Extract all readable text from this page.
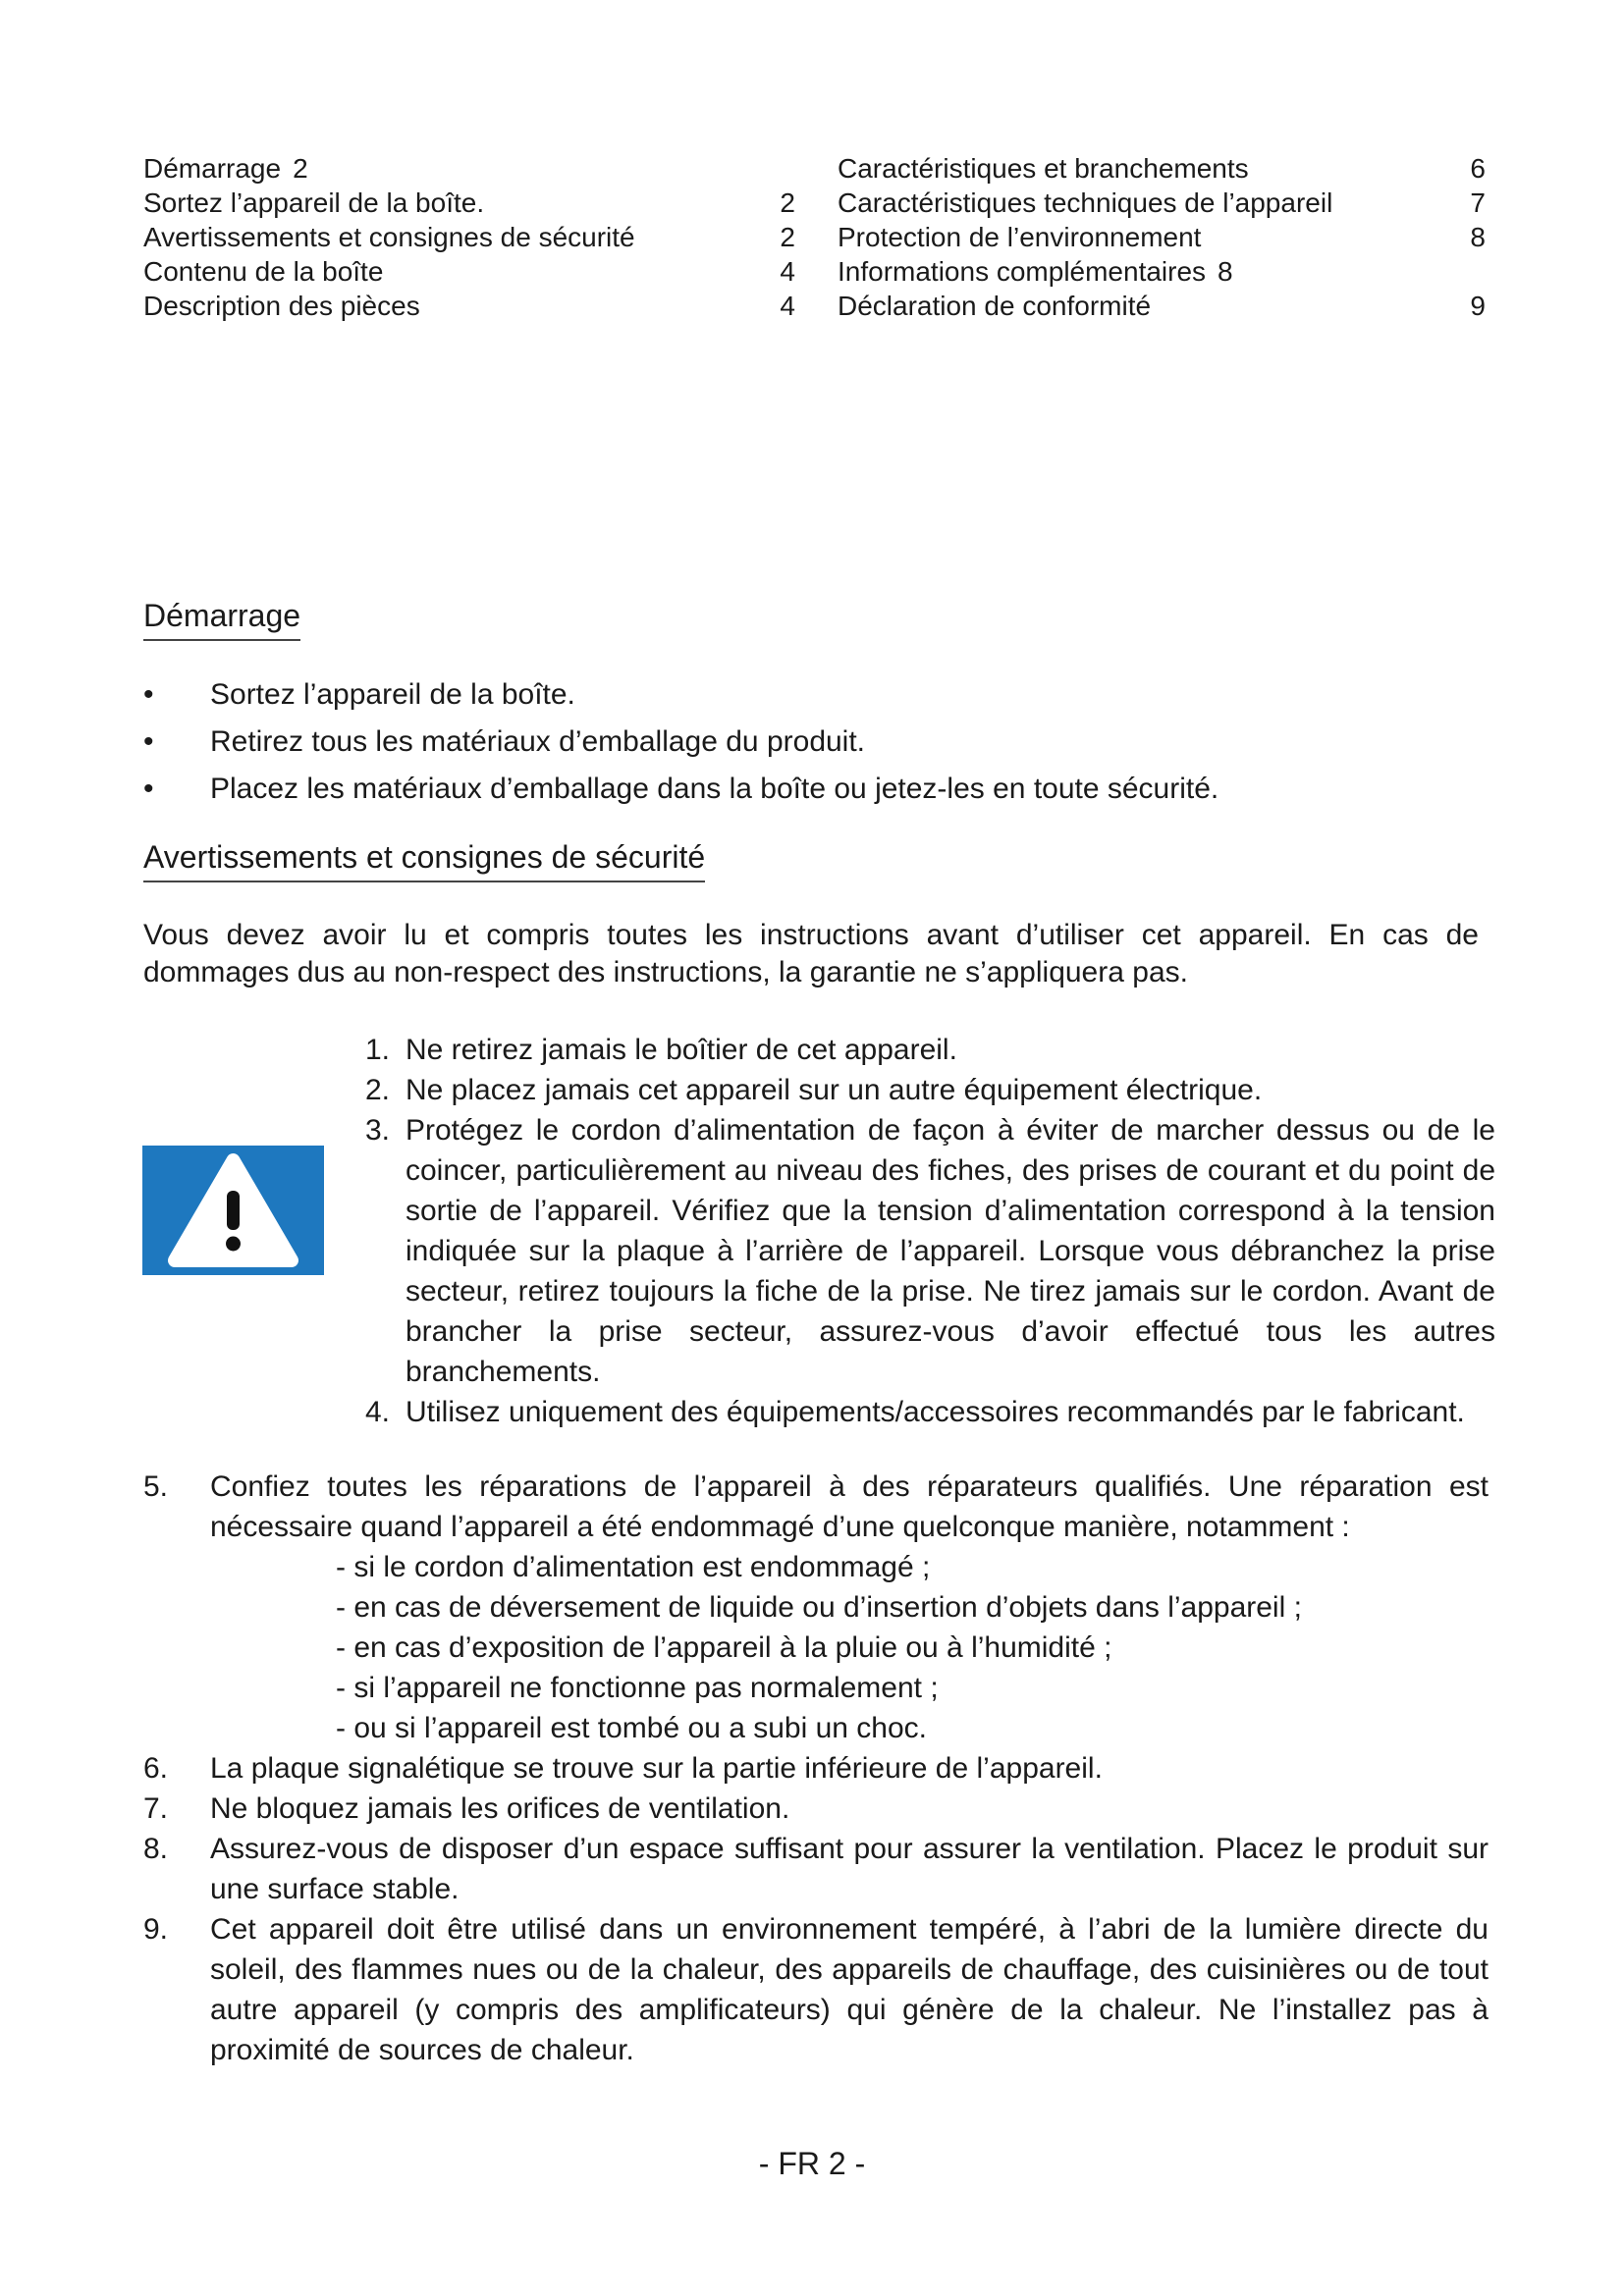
Démarrage 2
Sortez l’appareil de la boîte.	2
Avertissements et consignes de sécurité	2
Contenu de la boîte	4
Description des pièces	4
Caractéristiques et branchements	6
Caractéristiques techniques de l’appareil	7
Protection de l’environnement	8
Informations complémentaires 8
Déclaration de conformité	9
Démarrage
• Sortez l’appareil de la boîte.
• Retirez tous les matériaux d’emballage du produit.
• Placez les matériaux d’emballage dans la boîte ou jetez-les en toute sécurité.
Avertissements et consignes de sécurité

Vous devez avoir lu et compris toutes les instructions avant d’utiliser cet appareil. En cas de dommages dus au non-respect des instructions, la garantie ne s’appliquera pas.

1. Ne retirez jamais le boîtier de cet appareil.
2. Ne placez jamais cet appareil sur un autre équipement électrique.
3. Protégez le cordon d’alimentation de façon à éviter de marcher dessus ou de le coincer, particulièrement au niveau des fiches, des prises de courant et du point de sortie de l’appareil. Vérifiez que la tension d’alimentation correspond à la tension indiquée sur la plaque à l’arrière de l’appareil. Lorsque vous débranchez la prise secteur, retirez toujours la fiche de la prise. Ne tirez jamais sur le cordon. Avant de brancher la prise secteur, assurez-vous d’avoir effectué tous les autres branchements.
4. Utilisez uniquement des équipements/accessoires recommandés par le fabricant.
5. Confiez toutes les réparations de l’appareil à des réparateurs qualifiés. Une réparation est nécessaire quand l’appareil a été endommagé d’une quelconque manière, notamment :
- si le cordon d’alimentation est endommagé ;
- en cas de déversement de liquide ou d’insertion d’objets dans l’appareil ;
- en cas d’exposition de l’appareil à la pluie ou à l’humidité ;
- si l’appareil ne fonctionne pas normalement ;
- ou si l’appareil est tombé ou a subi un choc.
6. La plaque signalétique se trouve sur la partie inférieure de l’appareil.
7. Ne bloquez jamais les orifices de ventilation.
8. Assurez-vous de disposer d’un espace suffisant pour assurer la ventilation. Placez le produit sur une surface stable.
9. Cet appareil doit être utilisé dans un environnement tempéré, à l’abri de la lumière directe du soleil, des flammes nues ou de la chaleur, des appareils de chauffage, des cuisinières ou de tout autre appareil (y compris des amplificateurs) qui génère de la chaleur. Ne l’installez pas à proximité de sources de chaleur.
- FR 2 -
